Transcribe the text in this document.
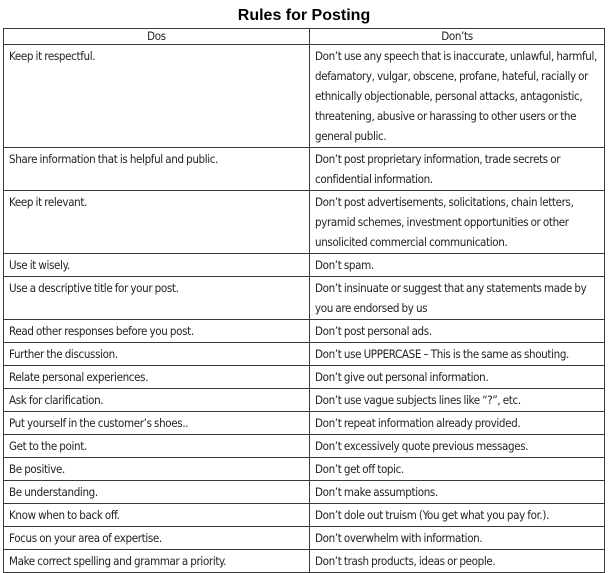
Rules for Posting
Dos	Don’ts
Keep it respectful.	Don’t use any speech that is inaccurate, unlawful, harmful, defamatory, vulgar, obscene, profane, hateful, racially or ethnically objectionable, personal attacks, antagonistic, threatening, abusive or harassing to other users or the general public.
Share information that is helpful and public.	Don’t post proprietary information, trade secrets or confidential information.
Keep it relevant.	Don’t post advertisements, solicitations, chain letters, pyramid schemes, investment opportunities or other unsolicited commercial communication.
Use it wisely.	Don’t spam.
Use a descriptive title for your post.	Don’t insinuate or suggest that any statements made by you are endorsed by us
Read other responses before you post.	Don’t post personal ads.
Further the discussion.	Don’t use UPPERCASE – This is the same as shouting.
Relate personal experiences.	Don’t give out personal information.
Ask for clarification.	Don’t use vague subjects lines like “?”, etc.
Put yourself in the customer’s shoes..	Don’t repeat information already provided.
Get to the point.	Don’t excessively quote previous messages.
Be positive.	Don’t get off topic.
Be understanding.	Don’t make assumptions.
Know when to back off.	Don’t dole out truism (You get what you pay for.).
Focus on your area of expertise.	Don’t overwhelm with information.
Make correct spelling and grammar a priority.	Don’t trash products, ideas or people.
